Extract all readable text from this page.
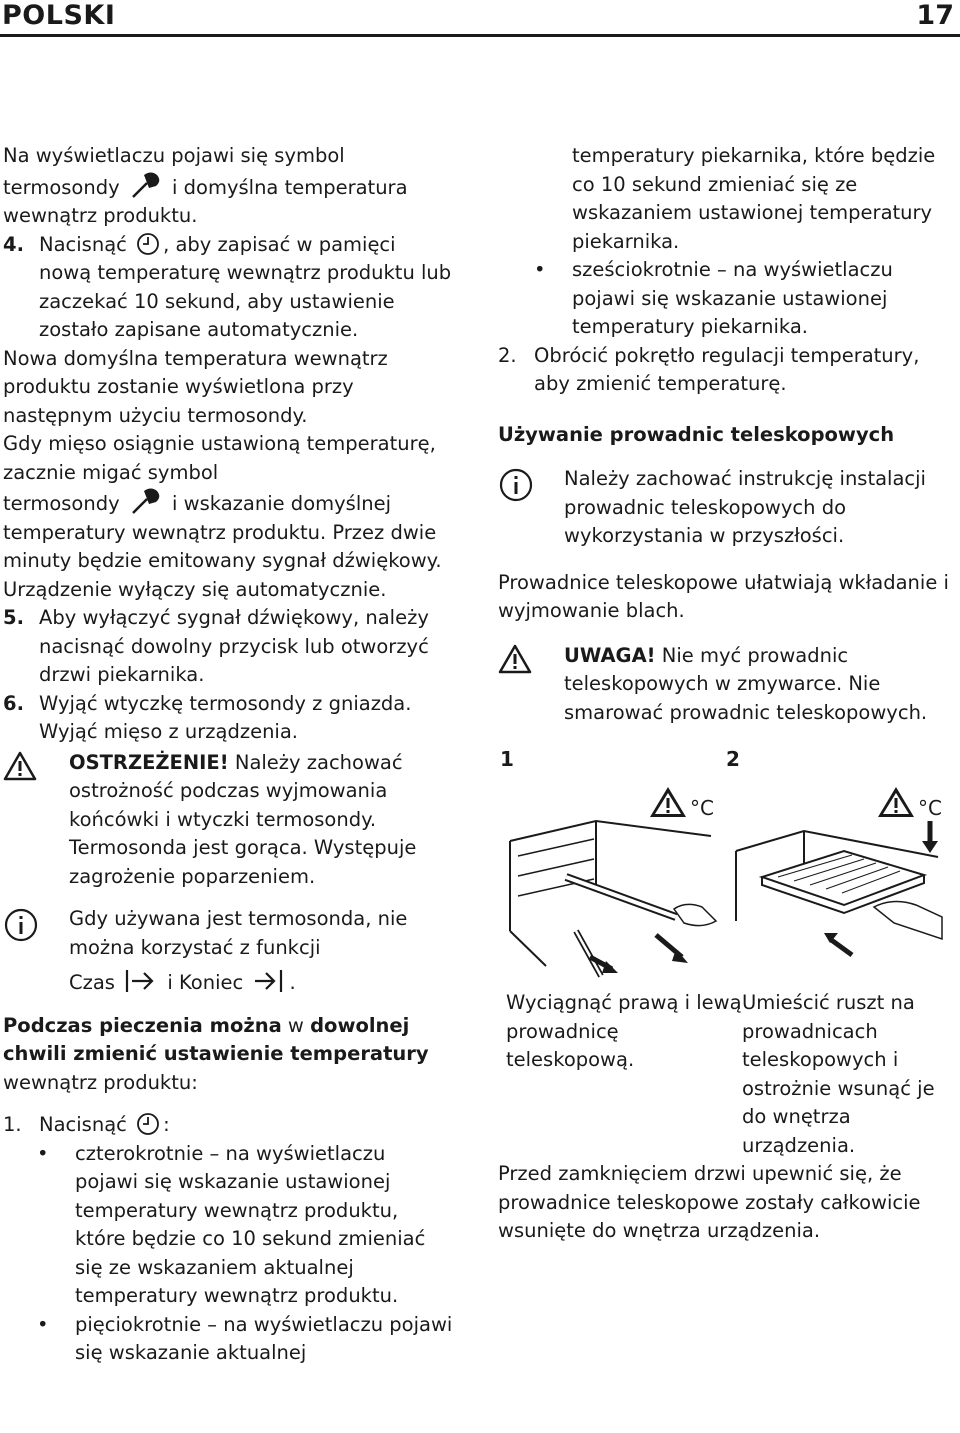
POLSKI	17

Na wyświetlaczu pojawi się symbol
termosondy	i domyślna temperatura
wewnątrz produktu.

4. Nacisnąć , aby zapisać w pamięci nową temperaturę wewnątrz produktu lub zaczekać 10 sekund, aby ustawienie zostało zapisane automatycznie.

Nowa domyślna temperatura wewnątrz produktu zostanie wyświetlona przy następnym użyciu termosondy.

Gdy mięso osiągnie ustawioną temperaturę, zacznie migać symbol
termosondy	i wskazanie domyślnej temperatury wewnątrz produktu. Przez dwie minuty będzie emitowany sygnał dźwiękowy. Urządzenie wyłączy się automatycznie.

5. Aby wyłączyć sygnał dźwiękowy, należy nacisnąć dowolny przycisk lub otworzyć drzwi piekarnika.
6. Wyjąć wtyczkę termosondy z gniazda. Wyjąć mięso z urządzenia.
OSTRZEŻENIE! Należy zachować ostrożność podczas wyjmowania końcówki i wtyczki termosondy. Termosonda jest gorąca. Występuje zagrożenie poparzeniem.
Gdy używana jest termosonda, nie można korzystać z funkcji
Czas	i Koniec .

Podczas pieczenia można w dowolnej chwili zmienić ustawienie temperatury wewnątrz produktu:

1. Nacisnąć :
•	czterokrotnie – na wyświetlaczu pojawi się wskazanie ustawionej temperatury wewnątrz produktu, które będzie co 10 sekund zmieniać się ze wskazaniem aktualnej temperatury wewnątrz produktu.
•	pięciokrotnie – na wyświetlaczu pojawi się wskazanie aktualnej
temperatury piekarnika, które będzie co 10 sekund zmieniać się ze wskazaniem ustawionej temperatury piekarnika.
•	sześciokrotnie – na wyświetlaczu pojawi się wskazanie ustawionej temperatury piekarnika.
2. Obrócić pokrętło regulacji temperatury, aby zmienić temperaturę.

Używanie prowadnic teleskopowych

Należy zachować instrukcję instalacji prowadnic teleskopowych do wykorzystania w przyszłości.

Prowadnice teleskopowe ułatwiają wkładanie i wyjmowanie blach.

UWAGA! Nie myć prowadnic teleskopowych w zmywarce. Nie smarować prowadnic teleskopowych.
1	2
°C	°C
Wyciągnąć prawą i lewą prowadnicę teleskopową.
Umieścić ruszt na prowadnicach teleskopowych i ostrożnie wsunąć je do wnętrza urządzenia.

Przed zamknięciem drzwi upewnić się, że prowadnice teleskopowe zostały całkowicie wsunięte do wnętrza urządzenia.
